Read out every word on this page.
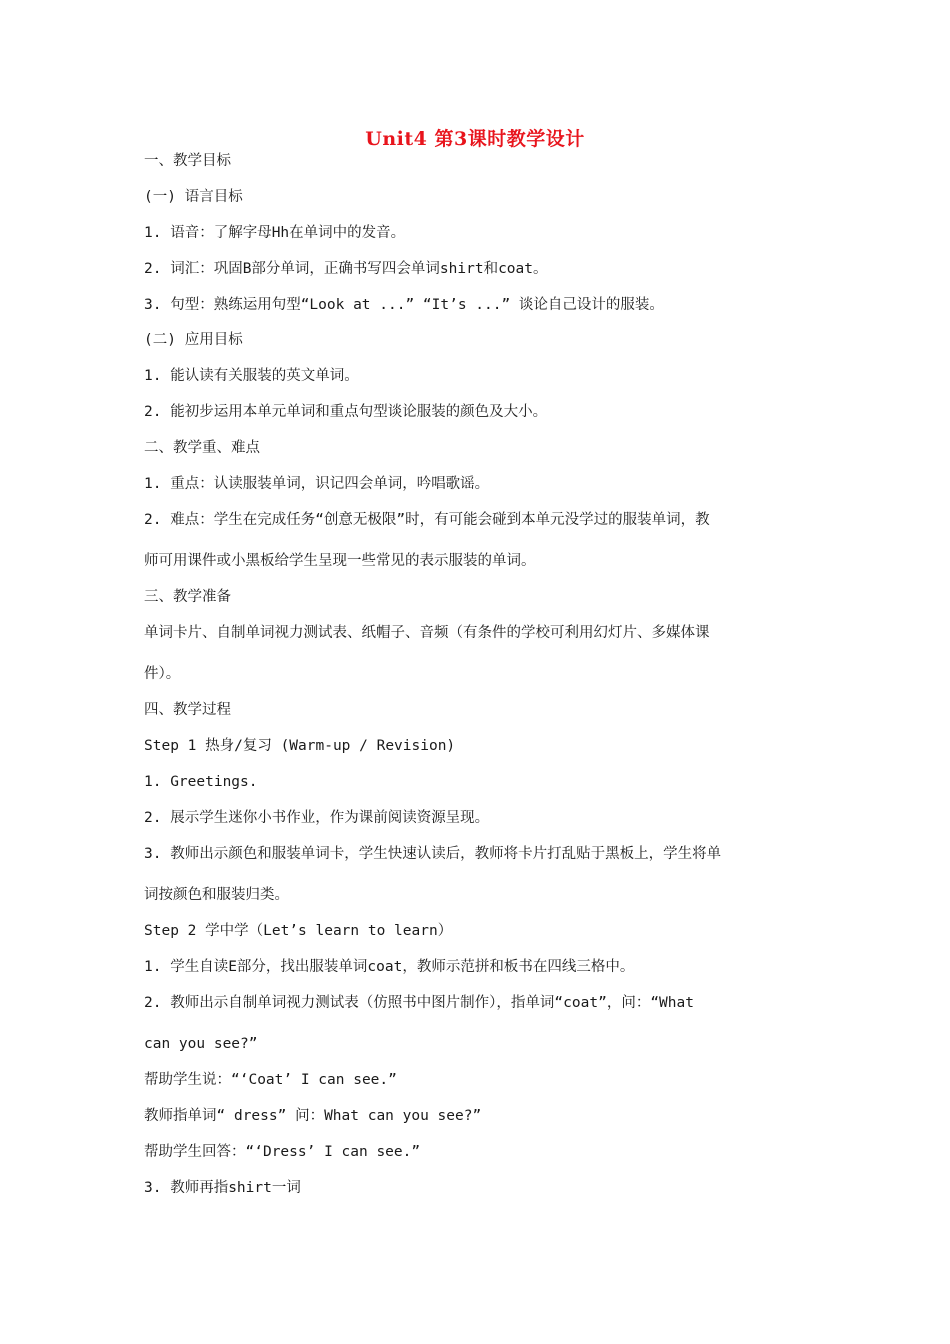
Unit4 第3课时教学设计
一、教学目标
(一) 语言目标
1. 语音：了解字母Hh在单词中的发音。
2. 词汇：巩固B部分单词，正确书写四会单词shirt和coat。
3. 句型：熟练运用句型“Look at ...” “It’s ...” 谈论自己设计的服装。
(二) 应用目标
1. 能认读有关服装的英文单词。
2. 能初步运用本单元单词和重点句型谈论服装的颜色及大小。
二、教学重、难点
1. 重点：认读服装单词，识记四会单词，吟唱歌谣。
2. 难点：学生在完成任务“创意无极限”时，有可能会碰到本单元没学过的服装单词，教
师可用课件或小黑板给学生呈现一些常见的表示服装的单词。
三、教学准备
单词卡片、自制单词视力测试表、纸帽子、音频（有条件的学校可利用幻灯片、多媒体课
件）。
四、教学过程
Step 1 热身/复习 (Warm-up / Revision)
1. Greetings.
2. 展示学生迷你小书作业，作为课前阅读资源呈现。
3. 教师出示颜色和服装单词卡，学生快速认读后，教师将卡片打乱贴于黑板上，学生将单
词按颜色和服装归类。
Step 2 学中学（Let’s learn to learn）
1. 学生自读E部分，找出服装单词coat，教师示范拼和板书在四线三格中。
2. 教师出示自制单词视力测试表（仿照书中图片制作），指单词“coat”，问：“What
can you see?”
帮助学生说：“‘Coat’ I can see.”
教师指单词“ dress” 问：What can you see?”
帮助学生回答：“‘Dress’ I can see.”
3. 教师再指shirt一词
